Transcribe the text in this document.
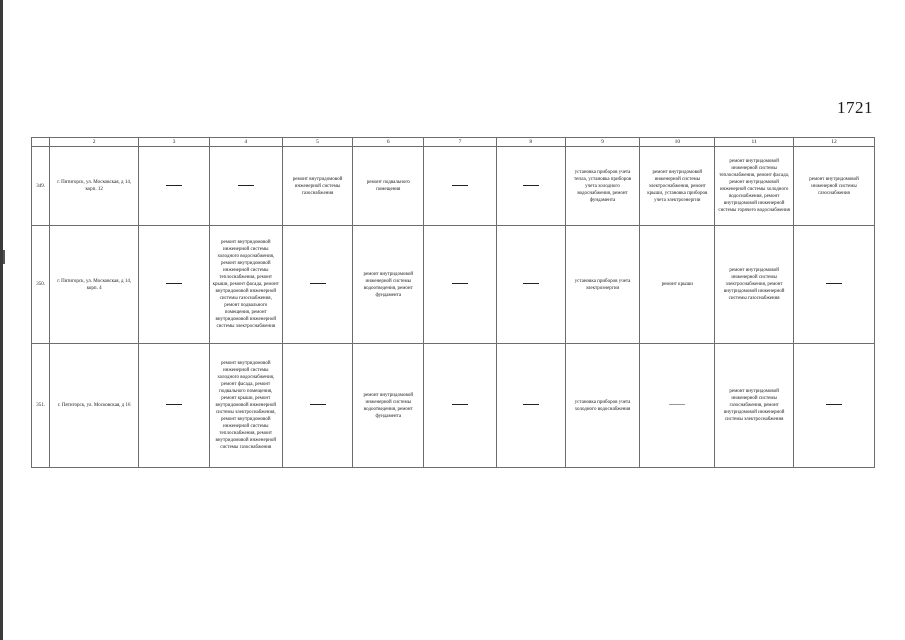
1721
	2	3	4	5	6	7	8	9	10	11	12
349.	г. Пятигорск, ул. Московская, д 14, корп. 12			ремонт внутридомовой инженерной системы газоснабжения	ремонт подвального помещения			установка приборов учета тепла, установка приборов учета холодного водоснабжения, ремонт фундамента	ремонт внутридомовой инженерной системы электроснабжения, ремонт крыши, установка приборов учета электроэнергии	ремонт внутридомовой инженерной системы теплоснабжения, ремонт фасада, ремонт внутридомовой инженерной системы холодного водоснабжения, ремонт внутридомовой инженерной системы горячего водоснабжения	ремонт внутридомовой инженерной системы газоснабжения
350.	г. Пятигорск, ул. Московская, д 14, корп. 4		ремонт внутридомовой инженерной системы холодного водоснабжения, ремонт внутридомовой инженерной системы теплоснабжения, ремонт крыши, ремонт фасада, ремонт внутридомовой инженерной системы газоснабжения, ремонт подвального помещения, ремонт внутридомовой инженерной системы электроснабжения		ремонт внутридомовой инженерной системы водоотведения, ремонт фундамента			установка приборов учета электроэнергии	ремонт крыши	ремонт внутридомовой инженерной системы электроснабжения, ремонт внутридомовой инженерной системы газоснабжения	
351.	г. Пятигорск, ул. Московская, д 16		ремонт внутридомовой инженерной системы холодного водоснабжения, ремонт фасада, ремонт подвального помещения, ремонт крыши, ремонт внутридомовой инженерной системы электроснабжения, ремонт внутридомовой инженерной системы теплоснабжения, ремонт внутридомовой инженерной системы газоснабжения		ремонт внутридомовой инженерной системы водоотведения, ремонт фундамента			установка приборов учета холодного водоснабжения		ремонт внутридомовой инженерной системы газоснабжения, ремонт внутридомовой инженерной системы электроснабжения	
